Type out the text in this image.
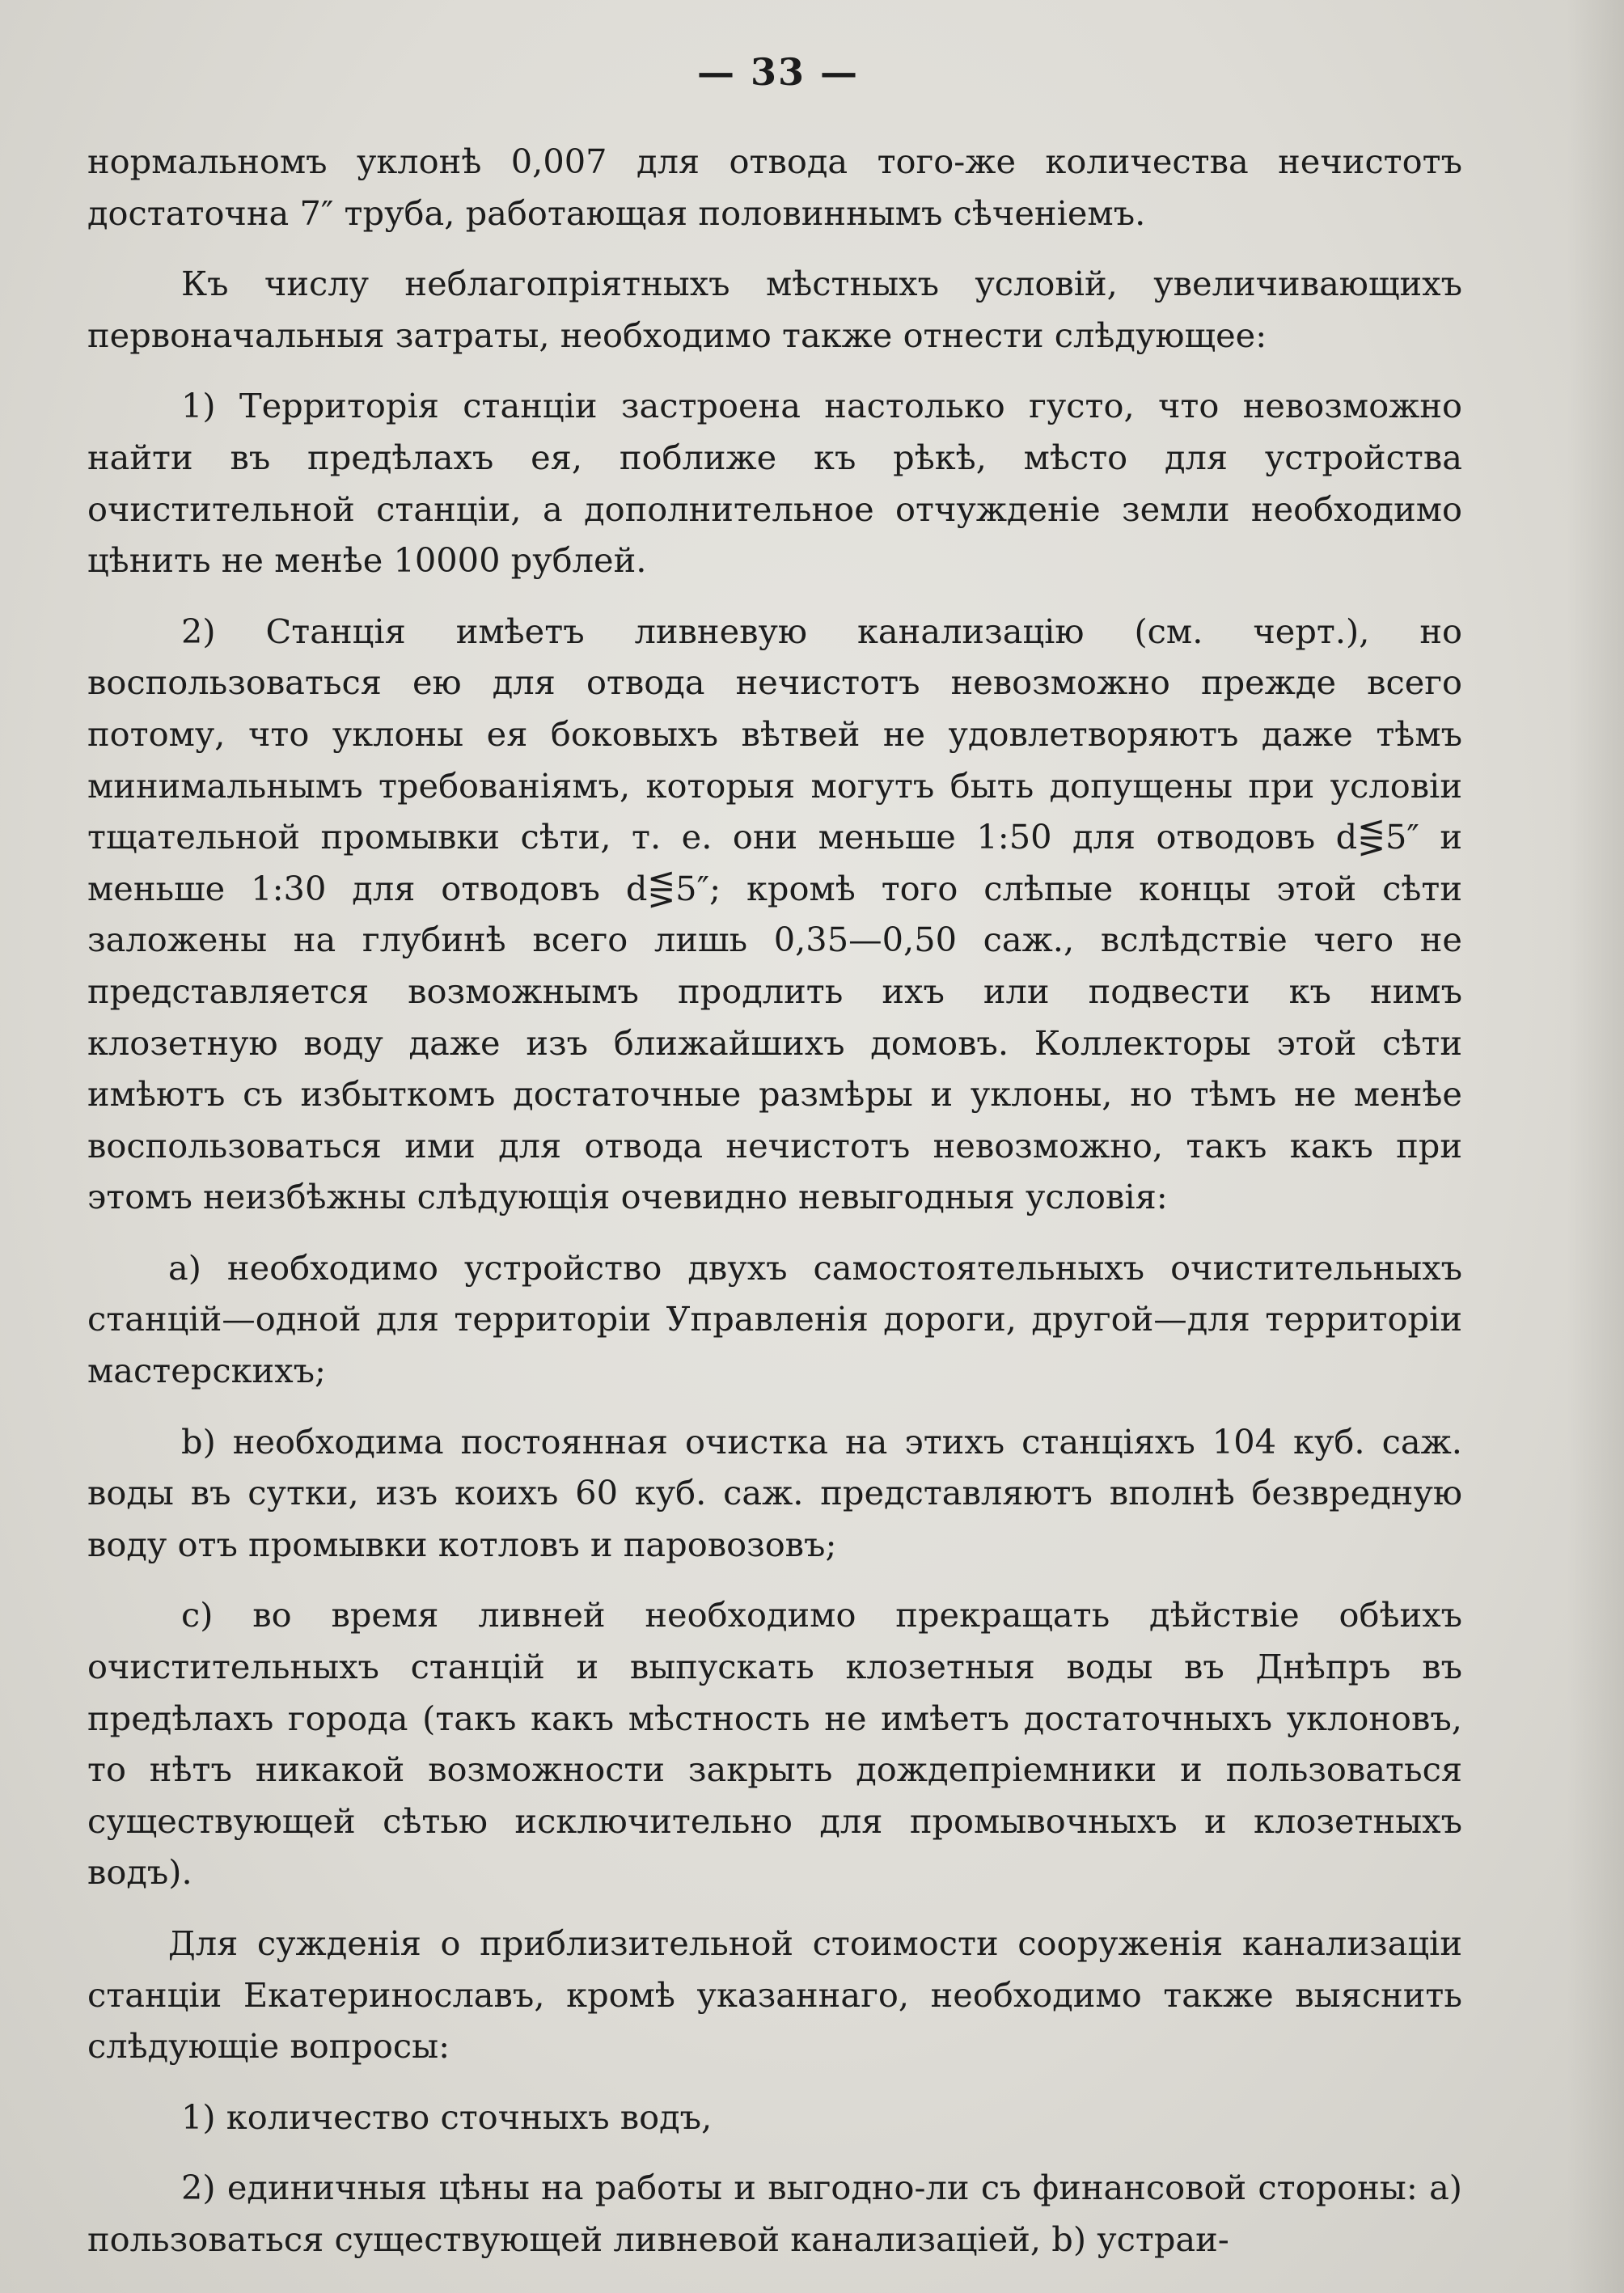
— 33 —

нормальномъ уклонѣ 0,007 для отвода того-же количества нечистотъ достаточна 7″ труба, работающая половиннымъ сѣченіемъ.

Къ числу неблагопріятныхъ мѣстныхъ условій, увеличивающихъ первоначальныя затраты, необходимо также отнести слѣдующее:

1) Территорія станціи застроена настолько густо, что невозможно найти въ предѣлахъ ея, поближе къ рѣкѣ, мѣсто для устройства очистительной станціи, а дополнительное отчужденіе земли необходимо цѣнить не менѣе 10000 рублей.

2) Станція имѣетъ ливневую канализацію (см. черт.), но воспользоваться ею для отвода нечистотъ невозможно прежде всего потому, что уклоны ея боковыхъ вѣтвей не удовлетворяютъ даже тѣмъ минимальнымъ требованіямъ, которыя могутъ быть допущены при условіи тщательной промывки сѣти, т. е. они меньше 1:50 для отводовъ d⋚5″ и меньше 1:30 для отводовъ d⋚5″; кромѣ того слѣпые концы этой сѣти заложены на глубинѣ всего лишь 0,35—0,50 саж., вслѣдствіе чего не представляется возможнымъ продлить ихъ или подвести къ нимъ клозетную воду даже изъ ближайшихъ домовъ. Коллекторы этой сѣти имѣютъ съ избыткомъ достаточные размѣры и уклоны, но тѣмъ не менѣе воспользоваться ими для отвода нечистотъ невозможно, такъ какъ при этомъ неизбѣжны слѣдующія очевидно невыгодныя условія:

a) необходимо устройство двухъ самостоятельныхъ очистительныхъ станцій—одной для территоріи Управленія дороги, другой—для территоріи мастерскихъ;

b) необходима постоянная очистка на этихъ станціяхъ 104 куб. саж. воды въ сутки, изъ коихъ 60 куб. саж. представляютъ вполнѣ безвредную воду отъ промывки котловъ и паровозовъ;

c) во время ливней необходимо прекращать дѣйствіе обѣихъ очистительныхъ станцій и выпускать клозетныя воды въ Днѣпръ въ предѣлахъ города (такъ какъ мѣстность не имѣетъ достаточныхъ уклоновъ, то нѣтъ никакой возможности закрыть дождепріемники и пользоваться существующей сѣтью исключительно для промывочныхъ и клозетныхъ водъ).

Для сужденія о приблизительной стоимости сооруженія канализаціи станціи Екатеринославъ, кромѣ указаннаго, необходимо также выяснить слѣдующіе вопросы:

1) количество сточныхъ водъ,

2) единичныя цѣны на работы и выгодно-ли съ финансовой стороны: a) пользоваться существующей ливневой канализаціей, b) устраи-
